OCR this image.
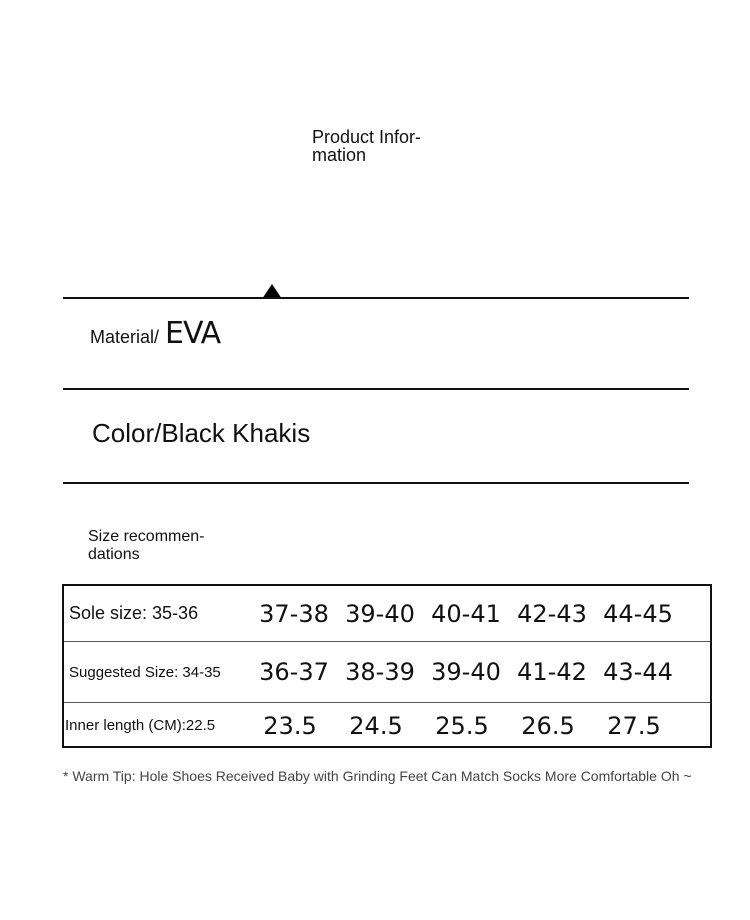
Product Infor-
mation
Material/ EVA
Color/Black Khakis
Size recommen-
dations
Sole size: 35-36	37-38 39-40 40-41 42-43 44-45
Suggested Size: 34-35	36-37 38-39 39-40 41-42 43-44
Inner length (CM):22.5	23.5	24.5	25.5	26.5	27.5
* Warm Tip: Hole Shoes Received Baby with Grinding Feet Can Match Socks More Comfortable Oh ~
